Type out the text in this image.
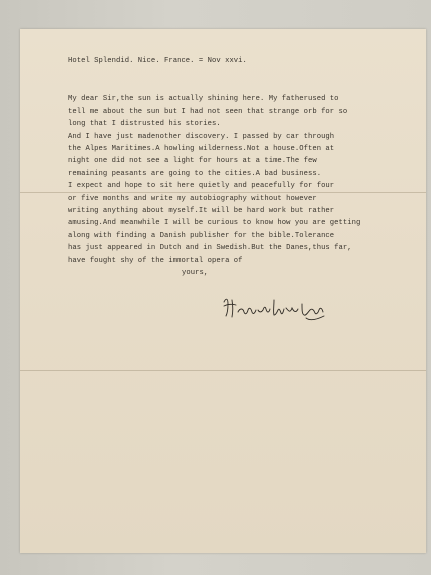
Hotel Splendid. Nice. France. = Nov xxvi.
My dear Sir,the sun is actually shining here. My fatherused to
tell me about the sun but I had not seen that strange orb for so
long that I distrusted his stories.
And I have just madenother discovery. I passed by car through
the Alpes Maritimes.A howling wilderness.Not a house.Often at
night one did not see a light for hours at a time.The few
remaining peasants are going to the cities.A bad business.
I expect and hope to sit here quietly and peacefully for four
or five months and write my autobiography without however
writing anything about myself.It will be hard work but rather
amusing.And meanwhile I will be curious to know how you are getting
along with finding a Danish publisher for the bible.Tolerance
has just appeared in Dutch and in Swedish.But the Danes,thus far,
have fought shy of the immortal opera of
yours,
